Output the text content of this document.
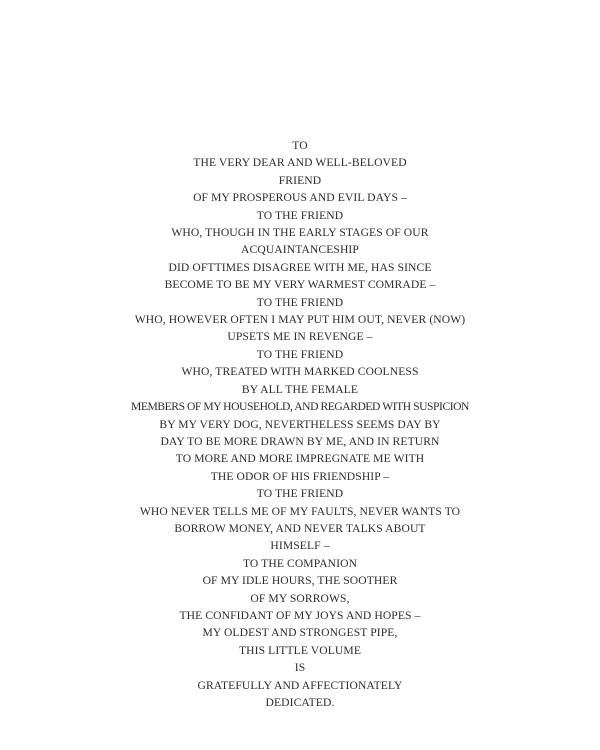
TO
THE VERY DEAR AND WELL-BELOVED
FRIEND
OF MY PROSPEROUS AND EVIL DAYS –
TO THE FRIEND
WHO, THOUGH IN THE EARLY STAGES OF OUR
ACQUAINTANCESHIP
DID OFTTIMES DISAGREE WITH ME, HAS SINCE
BECOME TO BE MY VERY WARMEST COMRADE –
TO THE FRIEND
WHO, HOWEVER OFTEN I MAY PUT HIM OUT, NEVER (NOW)
UPSETS ME IN REVENGE –
TO THE FRIEND
WHO, TREATED WITH MARKED COOLNESS
BY ALL THE FEMALE
MEMBERS OF MY HOUSEHOLD, AND REGARDED WITH SUSPICION
BY MY VERY DOG, NEVERTHELESS SEEMS DAY BY
DAY TO BE MORE DRAWN BY ME, AND IN RETURN
TO MORE AND MORE IMPREGNATE ME WITH
THE ODOR OF HIS FRIENDSHIP –
TO THE FRIEND
WHO NEVER TELLS ME OF MY FAULTS, NEVER WANTS TO
BORROW MONEY, AND NEVER TALKS ABOUT
HIMSELF –
TO THE COMPANION
OF MY IDLE HOURS, THE SOOTHER
OF MY SORROWS,
THE CONFIDANT OF MY JOYS AND HOPES –
MY OLDEST AND STRONGEST PIPE,
THIS LITTLE VOLUME
IS
GRATEFULLY AND AFFECTIONATELY
DEDICATED.
